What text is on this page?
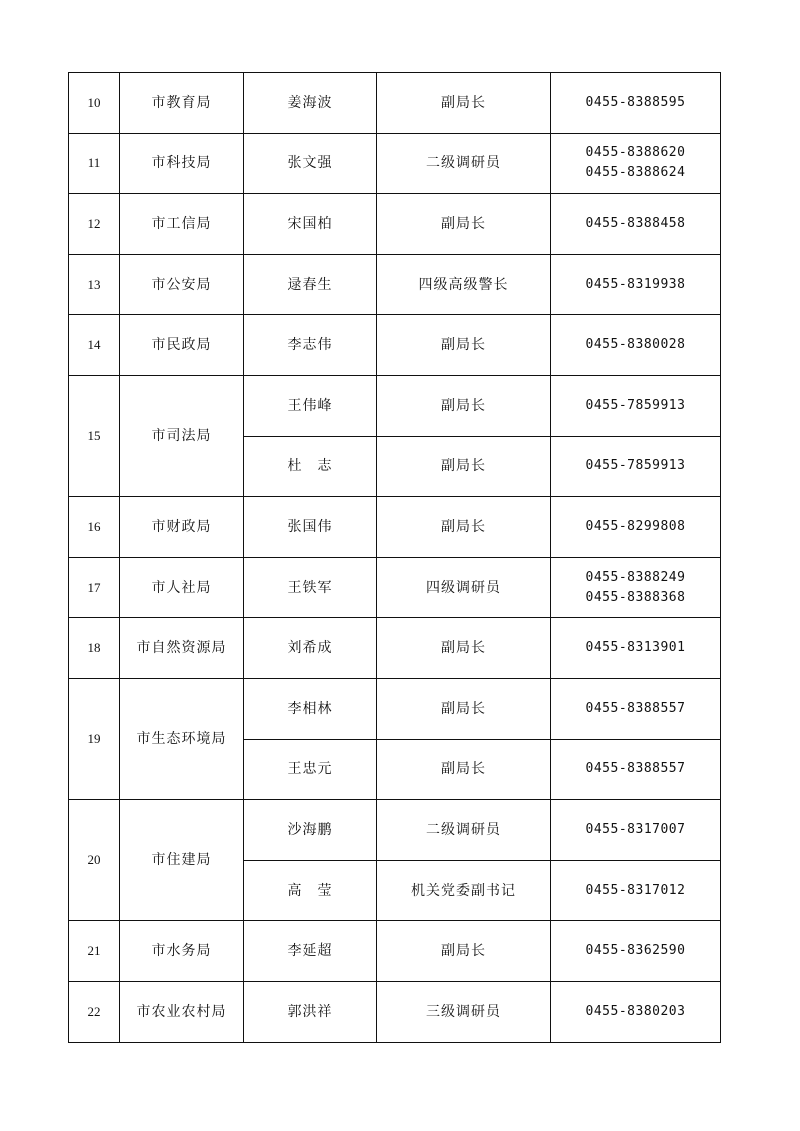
10	市教育局	姜海波	副局长	0455-8388595

11	市科技局	张文强	二级调研员	0455-8388620
0455-8388624

12	市工信局	宋国柏	副局长	0455-8388458

13	市公安局	逯春生	四级高级警长	0455-8319938

14	市民政局	李志伟	副局长	0455-8380028

15	市司法局	王伟峰	副局长	0455-7859913

		杜　志	副局长	0455-7859913

16	市财政局	张国伟	副局长	0455-8299808

17	市人社局	王铁军	四级调研员	0455-8388249
0455-8388368

18	市自然资源局	刘希成	副局长	0455-8313901

19	市生态环境局	李相林	副局长	0455-8388557

		王忠元	副局长	0455-8388557

20	市住建局	沙海鹏	二级调研员	0455-8317007

		高　莹	机关党委副书记	0455-8317012

21	市水务局	李延超	副局长	0455-8362590

22	市农业农村局	郭洪祥	三级调研员	0455-8380203
